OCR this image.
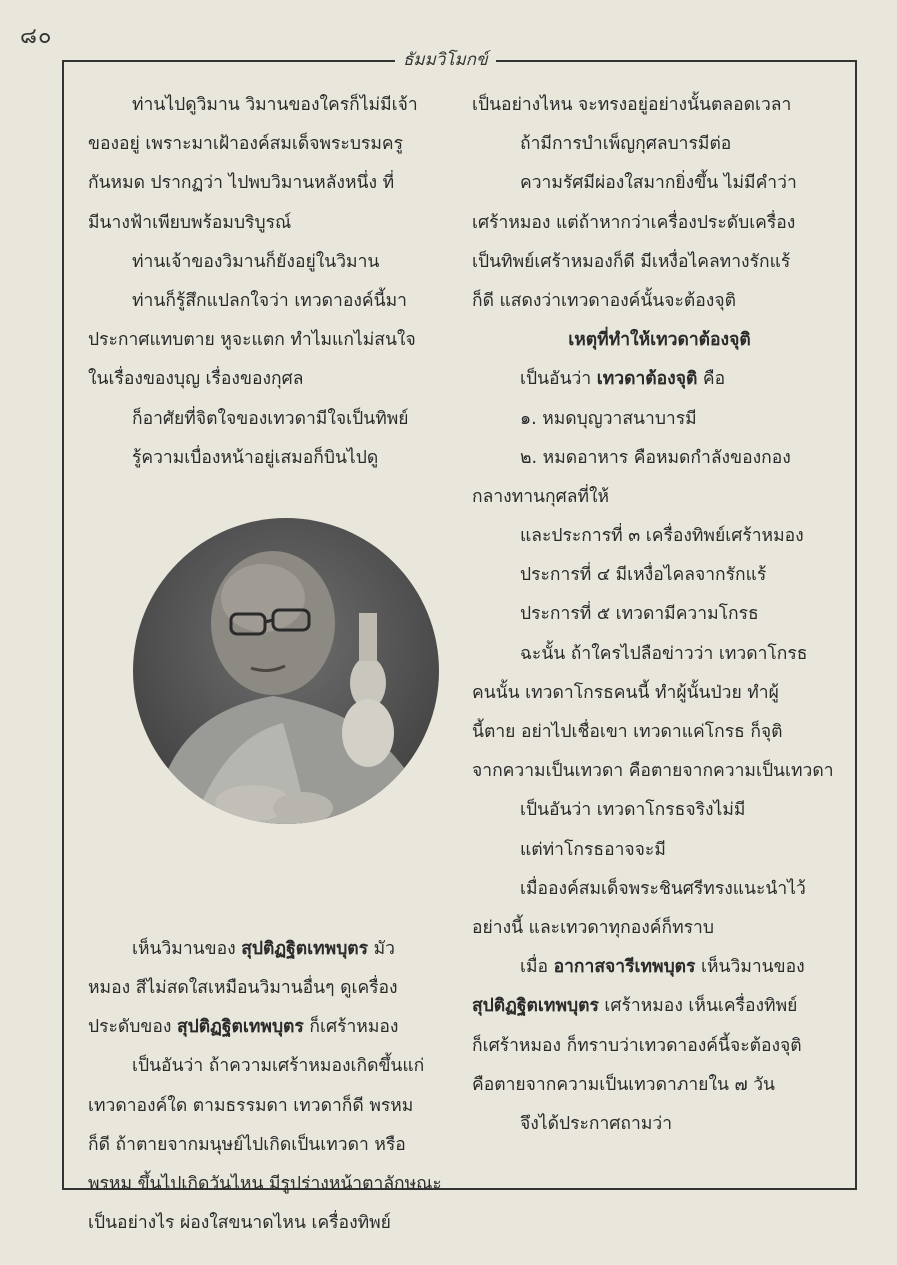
๘๐
ธัมมวิโมกข์
ท่านไปดูวิมาน วิมานของใครก็ไม่มีเจ้า
ของอยู่ เพราะมาเฝ้าองค์สมเด็จพระบรมครู
กันหมด ปรากฏว่า ไปพบวิมานหลังหนึ่ง ที่
มีนางฟ้าเพียบพร้อมบริบูรณ์
ท่านเจ้าของวิมานก็ยังอยู่ในวิมาน
ท่านก็รู้สึกแปลกใจว่า เทวดาองค์นี้มา
ประกาศแทบตาย หูจะแตก ทำไมแกไม่สนใจ
ในเรื่องของบุญ เรื่องของกุศล
ก็อาศัยที่จิตใจของเทวดามีใจเป็นทิพย์
รู้ความเบื่องหน้าอยู่เสมอก็บินไปดู
เห็นวิมานของ สุปติฏฐิตเทพบุตร มัว
หมอง สีไม่สดใสเหมือนวิมานอื่นๆ ดูเครื่อง
ประดับของ สุปติฏฐิตเทพบุตร ก็เศร้าหมอง
เป็นอันว่า ถ้าความเศร้าหมองเกิดขึ้นแก่
เทวดาองค์ใด ตามธรรมดา เทวดาก็ดี พรหม
ก็ดี ถ้าตายจากมนุษย์ไปเกิดเป็นเทวดา หรือ
พรหม ขึ้นไปเกิดวันไหน มีรูปร่างหน้าตาลักษณะ
เป็นอย่างไร ผ่องใสขนาดไหน เครื่องทิพย์
เป็นอย่างไหน จะทรงอยู่อย่างนั้นตลอดเวลา
ถ้ามีการบำเพ็ญกุศลบารมีต่อ
ความรัศมีผ่องใสมากยิ่งขึ้น ไม่มีคำว่า
เศร้าหมอง แต่ถ้าหากว่าเครื่องประดับเครื่อง
เป็นทิพย์เศร้าหมองก็ดี มีเหงื่อไคลทางรักแร้
ก็ดี แสดงว่าเทวดาองค์นั้นจะต้องจุติ
เหตุที่ทำให้เทวดาต้องจุติ
เป็นอันว่า เทวดาต้องจุติ คือ
๑. หมดบุญวาสนาบารมี
๒. หมดอาหาร คือหมดกำลังของกอง
กลางทานกุศลที่ให้
และประการที่ ๓ เครื่องทิพย์เศร้าหมอง
ประการที่ ๔ มีเหงื่อไคลจากรักแร้
ประการที่ ๕ เทวดามีความโกรธ
ฉะนั้น ถ้าใครไปลือข่าวว่า เทวดาโกรธ
คนนั้น เทวดาโกรธคนนี้ ทำผู้นั้นป่วย ทำผู้
นี้ตาย อย่าไปเชื่อเขา เทวดาแค่โกรธ ก็จุติ
จากความเป็นเทวดา คือตายจากความเป็นเทวดา
เป็นอันว่า เทวดาโกรธจริงไม่มี
แต่ท่าโกรธอาจจะมี
เมื่อองค์สมเด็จพระชินศรีทรงแนะนำไว้
อย่างนี้ และเทวดาทุกองค์ก็ทราบ
เมื่อ อากาสจารีเทพบุตร เห็นวิมานของ
สุปติฏฐิตเทพบุตร เศร้าหมอง เห็นเครื่องทิพย์
ก็เศร้าหมอง ก็ทราบว่าเทวดาองค์นี้จะต้องจุติ
คือตายจากความเป็นเทวดาภายใน ๗ วัน
จึงได้ประกาศถามว่า
